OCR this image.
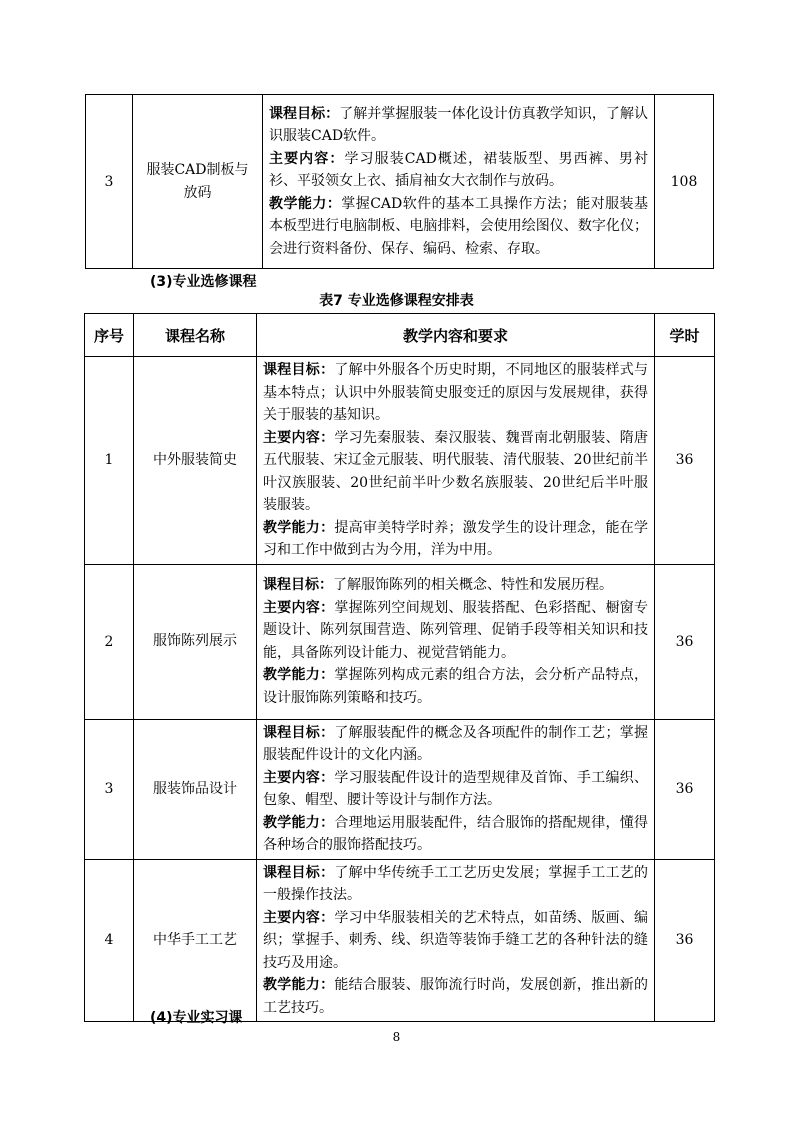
3	服装CAD制板与放码	课程目标：了解并掌握服装一体化设计仿真教学知识，了解认识服装CAD软件。
主要内容：学习服装CAD概述，裙装版型、男西裤、男衬衫、平驳领女上衣、插肩袖女大衣制作与放码。
教学能力：掌握CAD软件的基本工具操作方法；能对服装基本板型进行电脑制板、电脑排料，会使用绘图仪、数字化仪；会进行资料备份、保存、编码、检索、存取。	108
(3)专业选修课程
表7 专业选修课程安排表
序号	课程名称	教学内容和要求	学时
1	中外服装简史	课程目标：了解中外服各个历史时期，不同地区的服装样式与基本特点；认识中外服装简史服变迁的原因与发展规律，获得关于服装的基知识。
主要内容：学习先秦服装、秦汉服装、魏晋南北朝服装、隋唐五代服装、宋辽金元服装、明代服装、清代服装、20世纪前半叶汉族服装、20世纪前半叶少数名族服装、20世纪后半叶服装服装。
教学能力：提高审美特学时养；激发学生的设计理念，能在学习和工作中做到古为今用，洋为中用。	36
2	服饰陈列展示	课程目标：了解服饰陈列的相关概念、特性和发展历程。
主要内容：掌握陈列空间规划、服装搭配、色彩搭配、橱窗专题设计、陈列氛围营造、陈列管理、促销手段等相关知识和技能，具备陈列设计能力、视觉营销能力。
教学能力：掌握陈列构成元素的组合方法，会分析产品特点，设计服饰陈列策略和技巧。	36
3	服装饰品设计	课程目标：了解服装配件的概念及各项配件的制作工艺；掌握服装配件设计的文化内涵。
主要内容：学习服装配件设计的造型规律及首饰、手工编织、包象、帽型、腰计等设计与制作方法。
教学能力：合理地运用服装配件，结合服饰的搭配规律，懂得各种场合的服饰搭配技巧。	36
4	中华手工工艺	课程目标：了解中华传统手工工艺历史发展；掌握手工工艺的一般操作技法。
主要内容：学习中华服装相关的艺术特点，如苗绣、版画、编织；掌握手、刺秀、线、织造等装饰手缝工艺的各种针法的缝技巧及用途。
教学能力：能结合服装、服饰流行时尚，发展创新，推出新的工艺技巧。	36
(4)专业实习课
8
